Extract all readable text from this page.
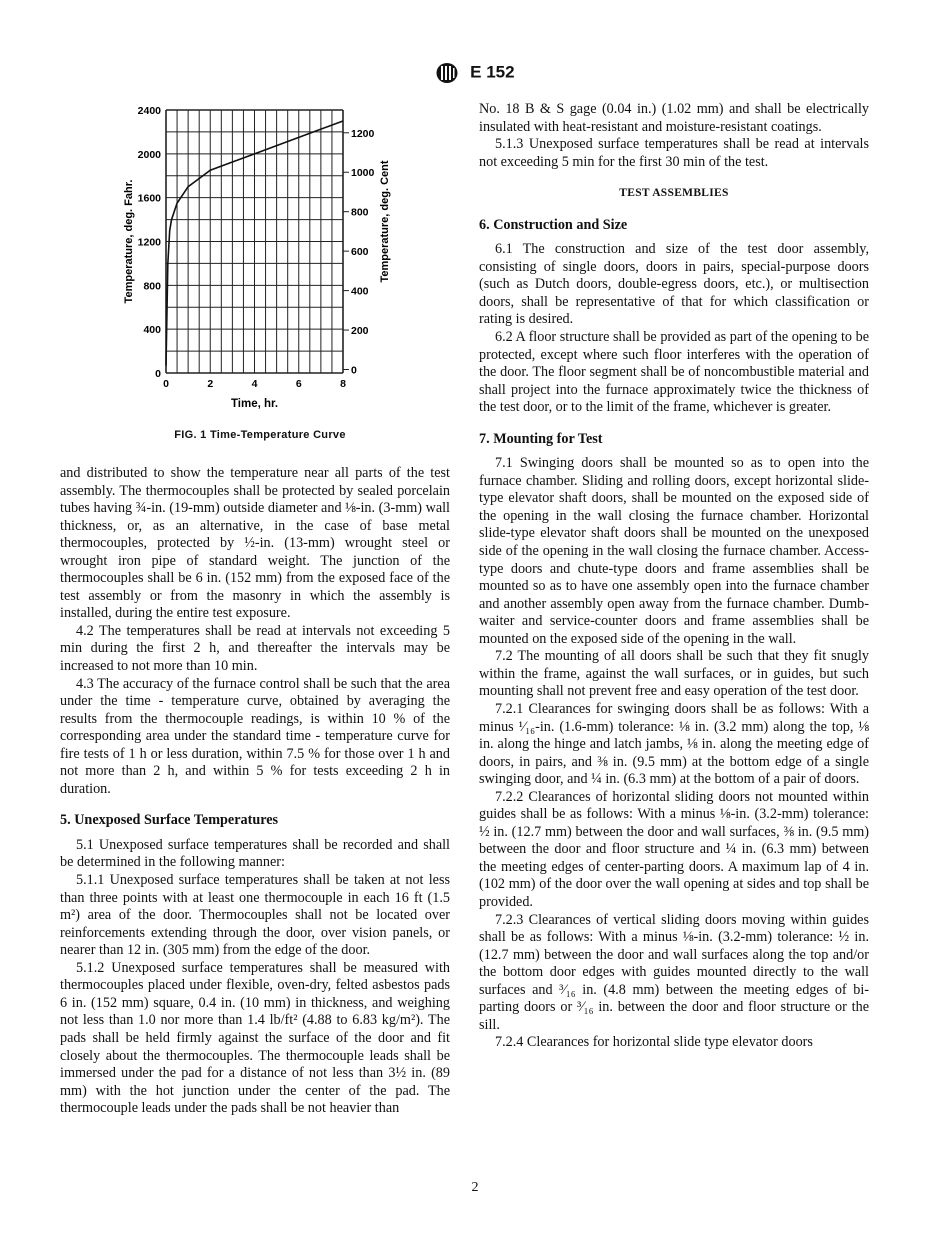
E 152
0
400
800
1200
1600
2000
2400
0
200
400
600
800
1000
1200
0	2	4	6	8
Time, hr.
Temperature, deg. Fahr.	Temperature, deg. Cent
FIG. 1 Time-Temperature Curve

and distributed to show the temperature near all parts of the test assembly. The thermocouples shall be protected by sealed porcelain tubes having ¾-in. (19-mm) outside diameter and ⅛-in. (3-mm) wall thickness, or, as an alternative, in the case of base metal thermocouples, protected by ½-in. (13-mm) wrought steel or wrought iron pipe of standard weight. The junction of the thermocouples shall be 6 in. (152 mm) from the exposed face of the test assembly or from the masonry in which the assembly is installed, during the entire test exposure.

4.2 The temperatures shall be read at intervals not exceeding 5 min during the first 2 h, and thereafter the intervals may be increased to not more than 10 min.

4.3 The accuracy of the furnace control shall be such that the area under the time - temperature curve, obtained by averaging the results from the thermocouple readings, is within 10 % of the corresponding area under the standard time - temperature curve for fire tests of 1 h or less duration, within 7.5 % for those over 1 h and not more than 2 h, and within 5 % for tests exceeding 2 h in duration.

5. Unexposed Surface Temperatures

5.1 Unexposed surface temperatures shall be recorded and shall be determined in the following manner:

5.1.1 Unexposed surface temperatures shall be taken at not less than three points with at least one thermocouple in each 16 ft (1.5 m²) area of the door. Thermocouples shall not be located over reinforcements extending through the door, over vision panels, or nearer than 12 in. (305 mm) from the edge of the door.

5.1.2 Unexposed surface temperatures shall be measured with thermocouples placed under flexible, oven-dry, felted asbestos pads 6 in. (152 mm) square, 0.4 in. (10 mm) in thickness, and weighing not less than 1.0 nor more than 1.4 lb/ft² (4.88 to 6.83 kg/m²). The pads shall be held firmly against the surface of the door and fit closely about the thermocouples. The thermocouple leads shall be immersed under the pad for a distance of not less than 3½ in. (89 mm) with the hot junction under the center of the pad. The thermocouple leads under the pads shall be not heavier than

No. 18 B & S gage (0.04 in.) (1.02 mm) and shall be electrically insulated with heat-resistant and moisture-resistant coatings.

5.1.3 Unexposed surface temperatures shall be read at intervals not exceeding 5 min for the first 30 min of the test.

TEST ASSEMBLIES

6. Construction and Size

6.1 The construction and size of the test door assembly, consisting of single doors, doors in pairs, special-purpose doors (such as Dutch doors, double-egress doors, etc.), or multisection doors, shall be representative of that for which classification or rating is desired.

6.2 A floor structure shall be provided as part of the opening to be protected, except where such floor interferes with the operation of the door. The floor segment shall be of noncombustible material and shall project into the furnace approximately twice the thickness of the test door, or to the limit of the frame, whichever is greater.

7. Mounting for Test

7.1 Swinging doors shall be mounted so as to open into the furnace chamber. Sliding and rolling doors, except horizontal slide-type elevator shaft doors, shall be mounted on the exposed side of the opening in the wall closing the furnace chamber. Horizontal slide-type elevator shaft doors shall be mounted on the unexposed side of the opening in the wall closing the furnace chamber. Access-type doors and chute-type doors and frame assemblies shall be mounted so as to have one assembly open into the furnace chamber and another assembly open away from the furnace chamber. Dumb-waiter and service-counter doors and frame assemblies shall be mounted on the exposed side of the opening in the wall.

7.2 The mounting of all doors shall be such that they fit snugly within the frame, against the wall surfaces, or in guides, but such mounting shall not prevent free and easy operation of the test door.

7.2.1 Clearances for swinging doors shall be as follows: With a minus ¹⁄₁₆-in. (1.6-mm) tolerance: ⅛ in. (3.2 mm) along the top, ⅛ in. along the hinge and latch jambs, ⅛ in. along the meeting edge of doors, in pairs, and ⅜ in. (9.5 mm) at the bottom edge of a single swinging door, and ¼ in. (6.3 mm) at the bottom of a pair of doors.

7.2.2 Clearances of horizontal sliding doors not mounted within guides shall be as follows: With a minus ⅛-in. (3.2-mm) tolerance: ½ in. (12.7 mm) between the door and wall surfaces, ⅜ in. (9.5 mm) between the door and floor structure and ¼ in. (6.3 mm) between the meeting edges of center-parting doors. A maximum lap of 4 in. (102 mm) of the door over the wall opening at sides and top shall be provided.

7.2.3 Clearances of vertical sliding doors moving within guides shall be as follows: With a minus ⅛-in. (3.2-mm) tolerance: ½ in. (12.7 mm) between the door and wall surfaces along the top and/or the bottom door edges with guides mounted directly to the wall surfaces and ³⁄₁₆ in. (4.8 mm) between the meeting edges of bi-parting doors or ³⁄₁₆ in. between the door and floor structure or the sill.

7.2.4 Clearances for horizontal slide type elevator doors

2
